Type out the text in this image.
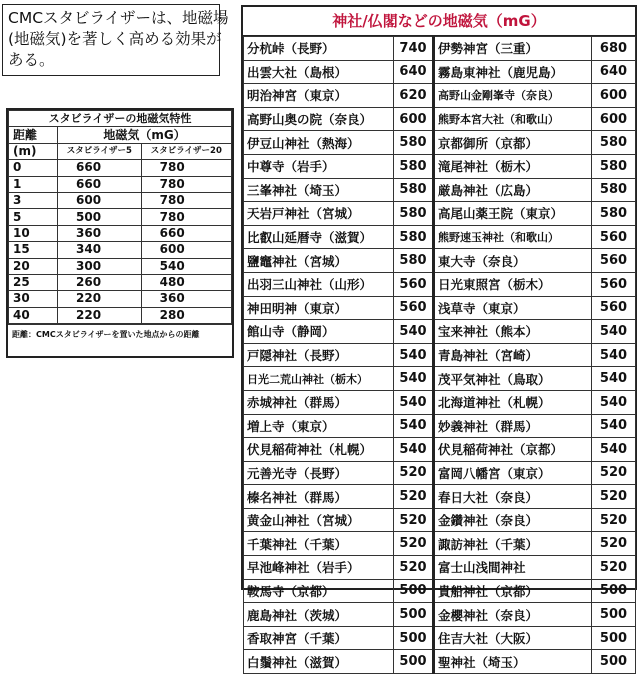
CMCスタビライザーは、地磁場
(地磁気)を著しく高める効果が
ある。
スタビライザーの地磁気特性		
距離	地磁気（mG）	
(m)	スタビライザー5	スタビライザー20
0	660	780
1	660	780
3	600	780
5	500	780
10	360	660
15	340	600
20	300	540
25	260	480
30	220	360
40	220	280
距離：CMCスタビライザーを置いた地点からの距離
神社/仏閣などの地磁気（mG）
分杭峠（長野）	740	伊勢神宮（三重）	680
出雲大社（島根）	640	霧島東神社（鹿児島）	640
明治神宮（東京）	620	高野山金剛峯寺（奈良）	600
高野山奥の院（奈良）	600	熊野本宮大社（和歌山）	600
伊豆山神社（熱海）	580	京都御所（京都）	580
中尊寺（岩手）	580	滝尾神社（栃木）	580
三峯神社（埼玉）	580	厳島神社（広島）	580
天岩戸神社（宮城）	580	高尾山薬王院（東京）	580
比叡山延暦寺（滋賀）	580	熊野速玉神社（和歌山）	560
鹽竈神社（宮城）	580	東大寺（奈良）	560
出羽三山神社（山形）	560	日光東照宮（栃木）	560
神田明神（東京）	560	浅草寺（東京）	560
館山寺（静岡）	540	宝来神社（熊本）	540
戸隠神社（長野）	540	青島神社（宮崎）	540
日光二荒山神社（栃木）	540	茂平気神社（鳥取）	540
赤城神社（群馬）	540	北海道神社（札幌）	540
増上寺（東京）	540	妙義神社（群馬）	540
伏見稲荷神社（札幌）	540	伏見稲荷神社（京都）	540
元善光寺（長野）	520	富岡八幡宮（東京）	520
榛名神社（群馬）	520	春日大社（奈良）	520
黄金山神社（宮城）	520	金鑽神社（奈良）	520
千葉神社（千葉）	520	諏訪神社（千葉）	520
早池峰神社（岩手）	520	富士山浅間神社	520
鞍馬寺（京都）	500	貴船神社（京都）	500
鹿島神社（茨城）	500	金櫻神社（奈良）	500
香取神宮（千葉）	500	住吉大社（大阪）	500
白鬚神社（滋賀）	500	聖神社（埼玉）	500
